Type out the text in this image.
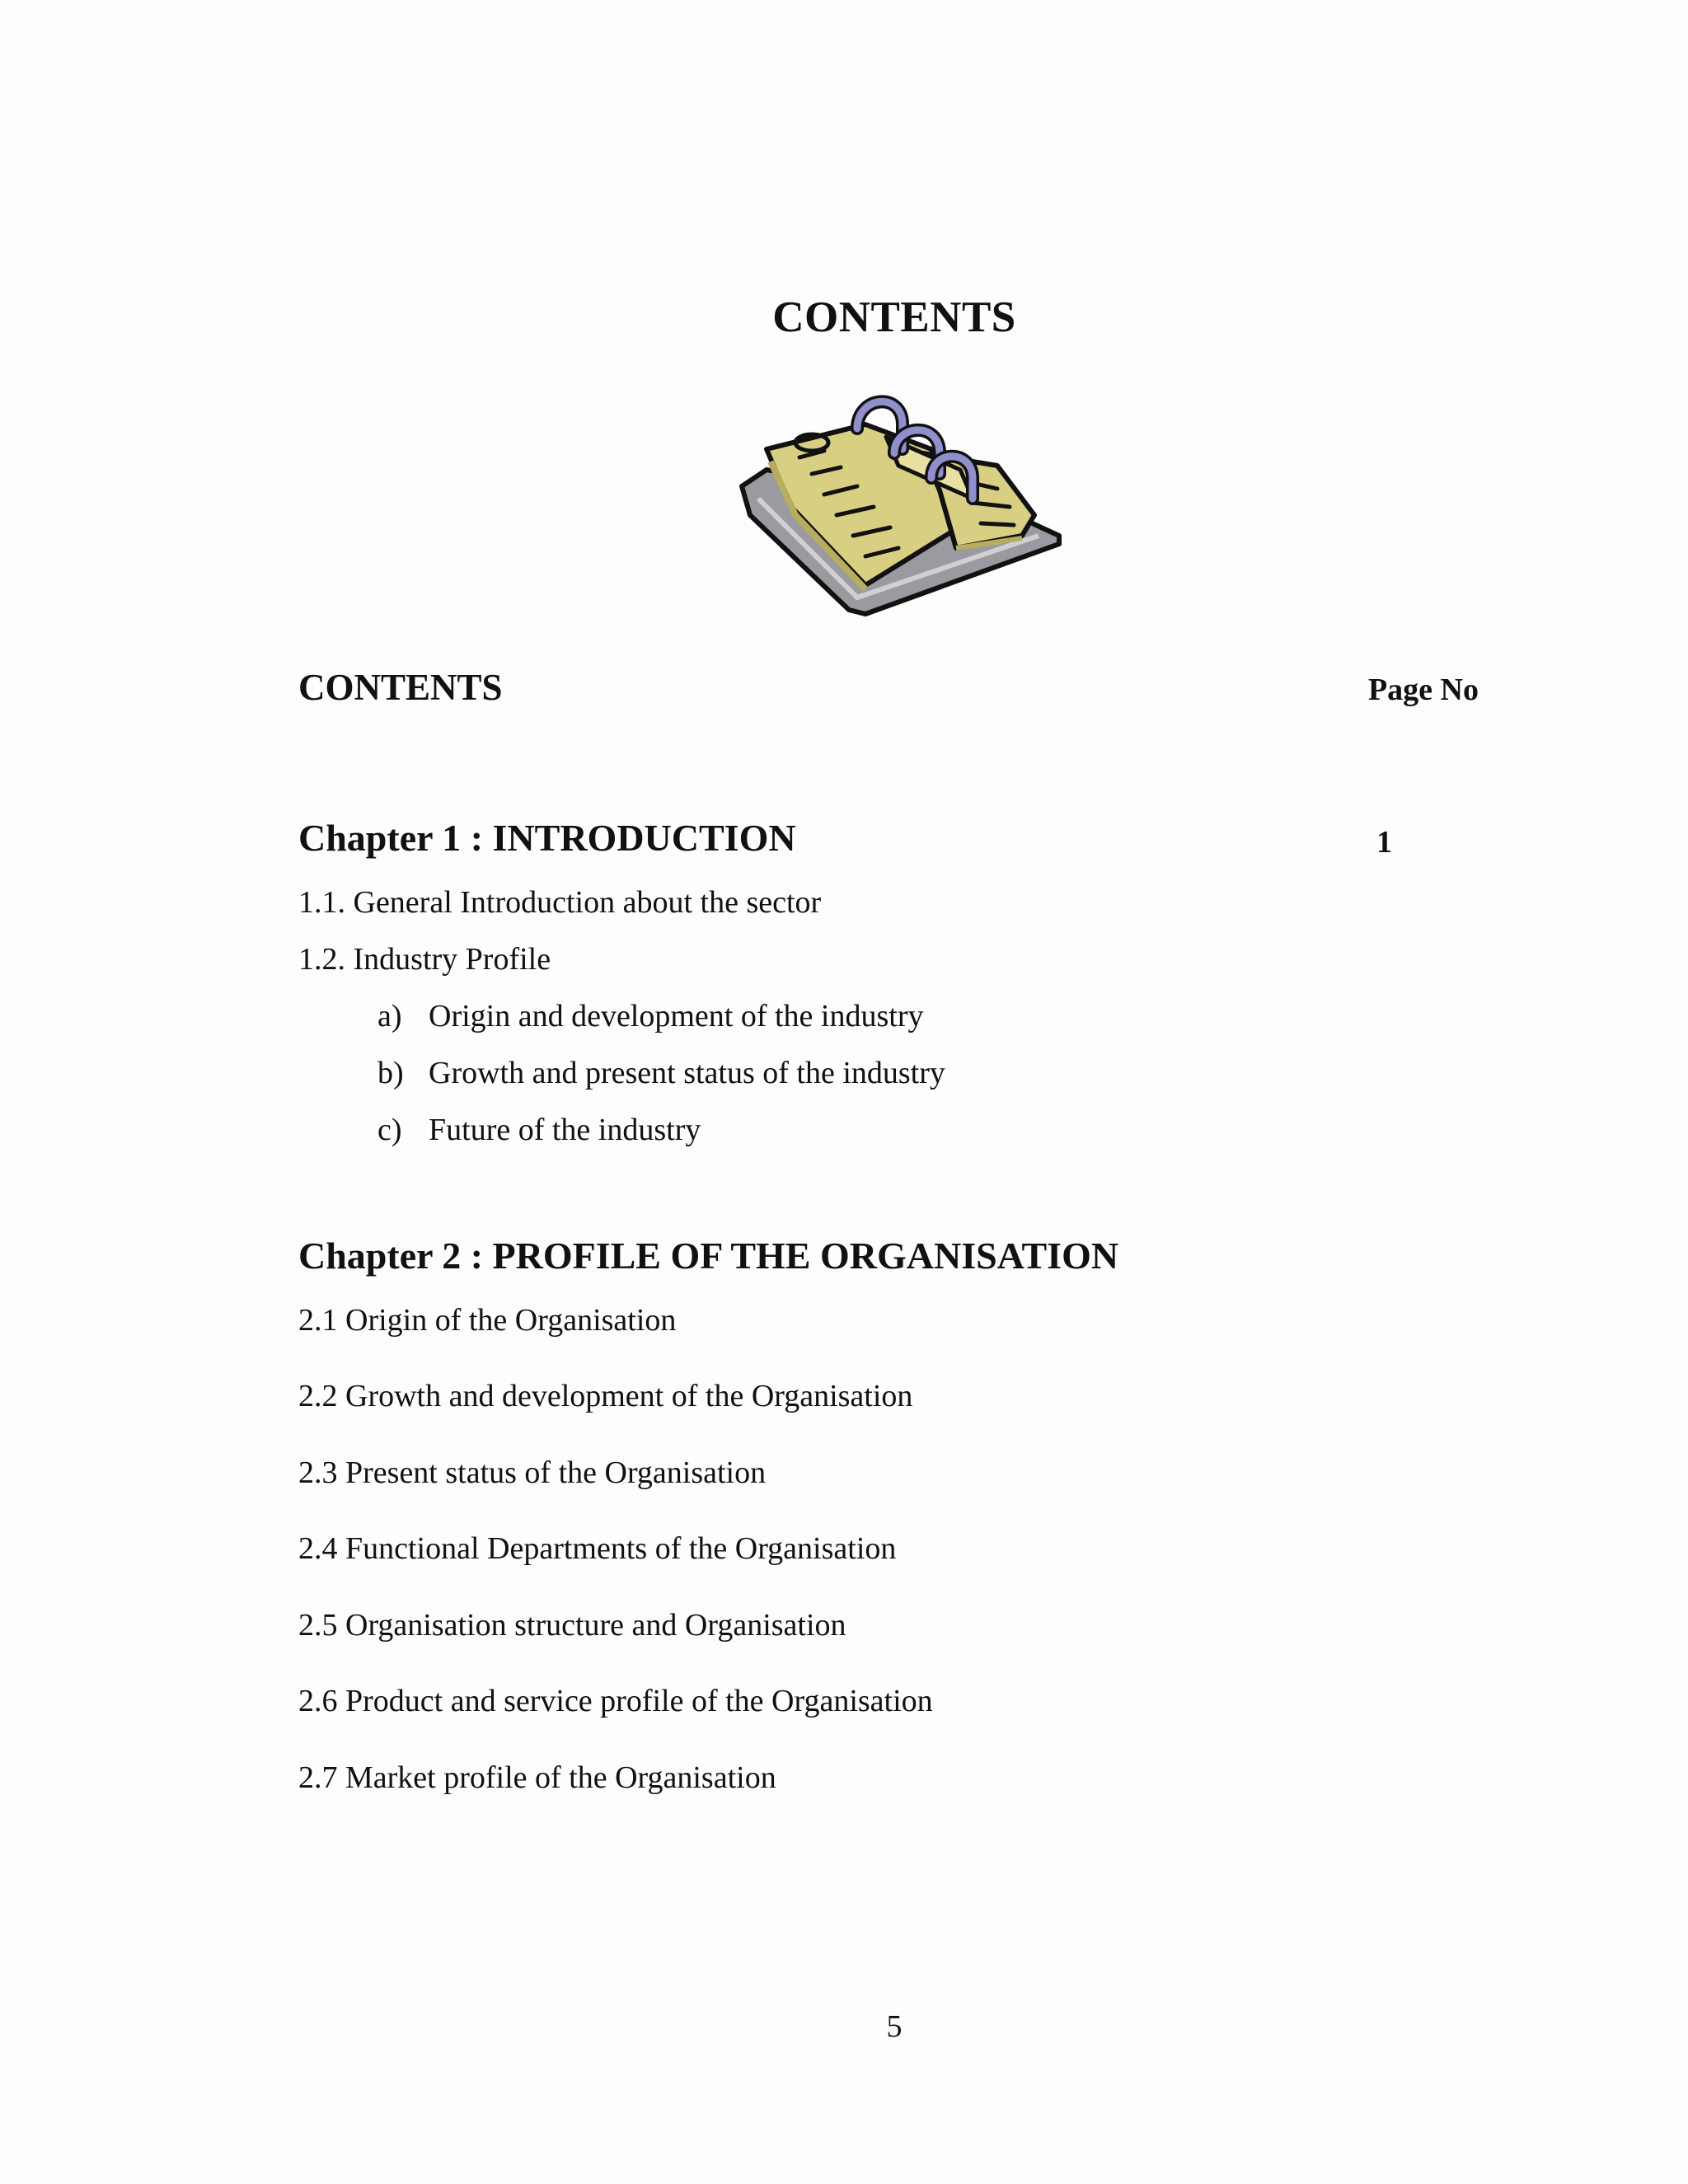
CONTENTS
CONTENTS	Page No
Chapter 1 : INTRODUCTION	1
1.1. General Introduction about the sector
1.2. Industry Profile
a) Origin and development of the industry
b) Growth and present status of the industry
c) Future of the industry
Chapter 2 : PROFILE OF THE ORGANISATION
2.1 Origin of the Organisation
2.2 Growth and development of the Organisation
2.3 Present status of the Organisation
2.4 Functional Departments of the Organisation
2.5 Organisation structure and Organisation
2.6 Product and service profile of the Organisation
2.7 Market profile of the Organisation
5
